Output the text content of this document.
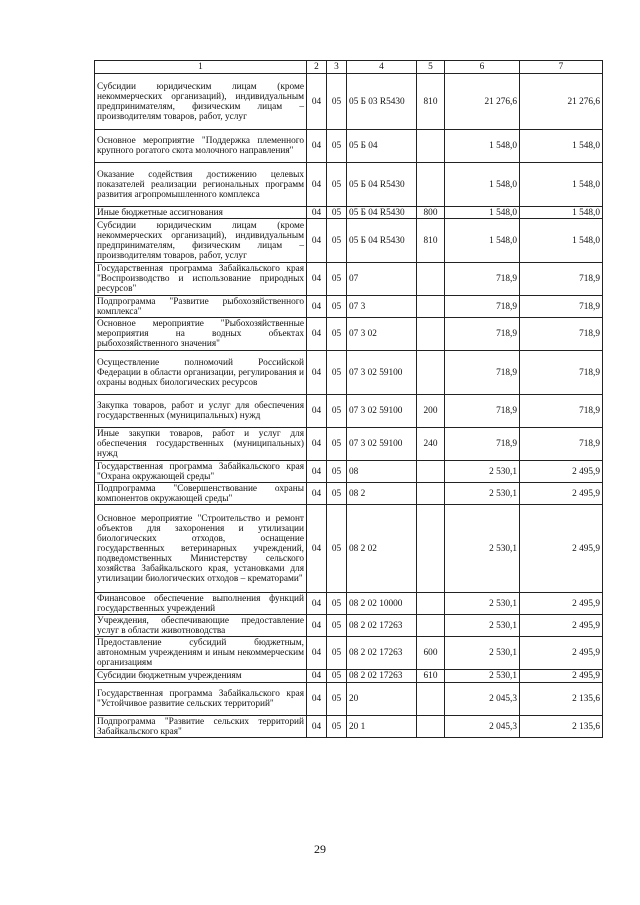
1	2	3	4	5	6	7
Субсидии юридическим лицам (кроме некоммерческих организаций), индивидуальным предпринимателям, физическим лицам – производителям товаров, работ, услуг	04	05	05 Б 03 R5430	810	21 276,6	21 276,6
Основное мероприятие "Поддержка племенного крупного рогатого скота молочного направления"	04	05	05 Б 04		1 548,0	1 548,0
Оказание содействия достижению целевых показателей реализации региональных программ развития агропромышленного комплекса	04	05	05 Б 04 R5430		1 548,0	1 548,0
Иные бюджетные ассигнования	04	05	05 Б 04 R5430	800	1 548,0	1 548,0
Субсидии юридическим лицам (кроме некоммерческих организаций), индивидуальным предпринимателям, физическим лицам – производителям товаров, работ, услуг	04	05	05 Б 04 R5430	810	1 548,0	1 548,0
Государственная программа Забайкальского края "Воспроизводство и использование природных ресурсов"	04	05	07		718,9	718,9
Подпрограмма "Развитие рыбохозяйственного комплекса"	04	05	07 3		718,9	718,9
Основное мероприятие "Рыбохозяйственные мероприятия на водных объектах рыбохозяйственного значения"	04	05	07 3 02		718,9	718,9
Осуществление полномочий Российской Федерации в области организации, регулирования и охраны водных биологических ресурсов	04	05	07 3 02 59100		718,9	718,9
Закупка товаров, работ и услуг для обеспечения государственных (муниципальных) нужд	04	05	07 3 02 59100	200	718,9	718,9
Иные закупки товаров, работ и услуг для обеспечения государственных (муниципальных) нужд	04	05	07 3 02 59100	240	718,9	718,9
Государственная программа Забайкальского края "Охрана окружающей среды"	04	05	08		2 530,1	2 495,9
Подпрограмма "Совершенствование охраны компонентов окружающей среды"	04	05	08 2		2 530,1	2 495,9
Основное мероприятие "Строительство и ремонт объектов для захоронения и утилизации биологических отходов, оснащение государственных ветеринарных учреждений, подведомственных Министерству сельского хозяйства Забайкальского края, установками для утилизации биологических отходов – крематорами"	04	05	08 2 02		2 530,1	2 495,9
Финансовое обеспечение выполнения функций государственных учреждений	04	05	08 2 02 10000		2 530,1	2 495,9
Учреждения, обеспечивающие предоставление услуг в области животноводства	04	05	08 2 02 17263		2 530,1	2 495,9
Предоставление субсидий бюджетным, автономным учреждениям и иным некоммерческим организациям	04	05	08 2 02 17263	600	2 530,1	2 495,9
Субсидии бюджетным учреждениям	04	05	08 2 02 17263	610	2 530,1	2 495,9
Государственная программа Забайкальского края "Устойчивое развитие сельских территорий"	04	05	20		2 045,3	2 135,6
Подпрограмма "Развитие сельских территорий Забайкальского края"	04	05	20 1		2 045,3	2 135,6
29
